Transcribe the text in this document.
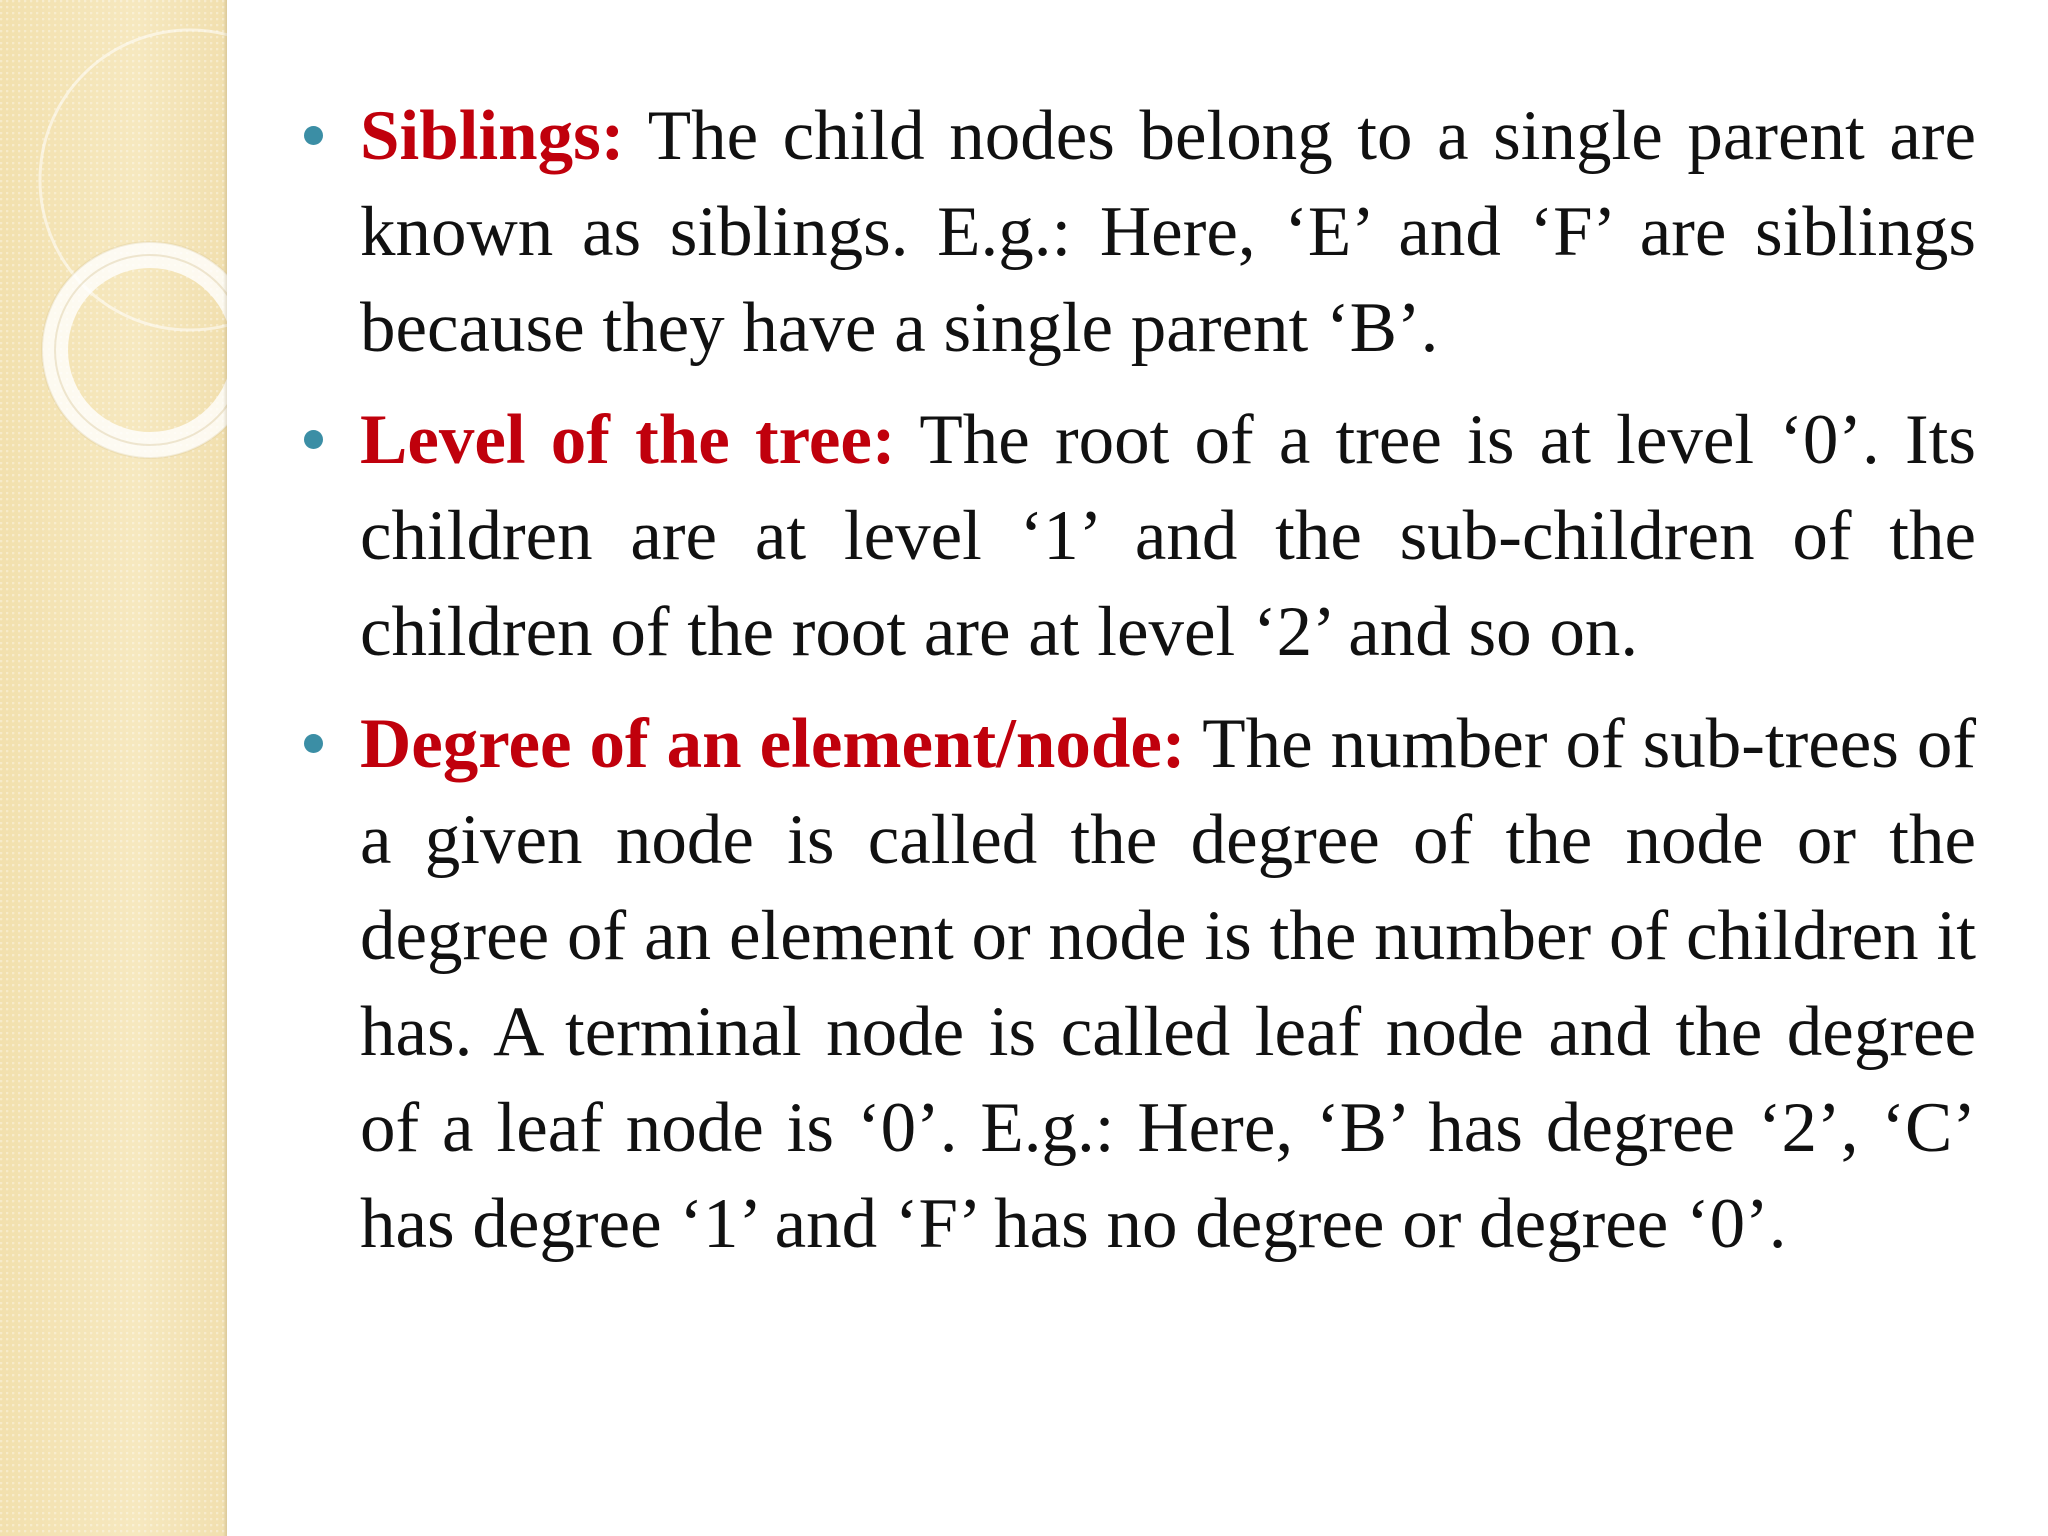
Siblings: The child nodes belong to a single parent are known as siblings. E.g.: Here, ‘E’ and ‘F’ are siblings because they have a single parent ‘B’.
Level of the tree: The root of a tree is at level ‘0’. Its children are at level ‘1’ and the sub-children of the children of the root are at level ‘2’ and so on.
Degree of an element/node: The number of sub-trees of a given node is called the degree of the node or the degree of an element or node is the number of children it has. A terminal node is called leaf node and the degree of a leaf node is ‘0’. E.g.: Here, ‘B’ has degree ‘2’, ‘C’ has degree ‘1’ and ‘F’ has no degree or degree ‘0’.
